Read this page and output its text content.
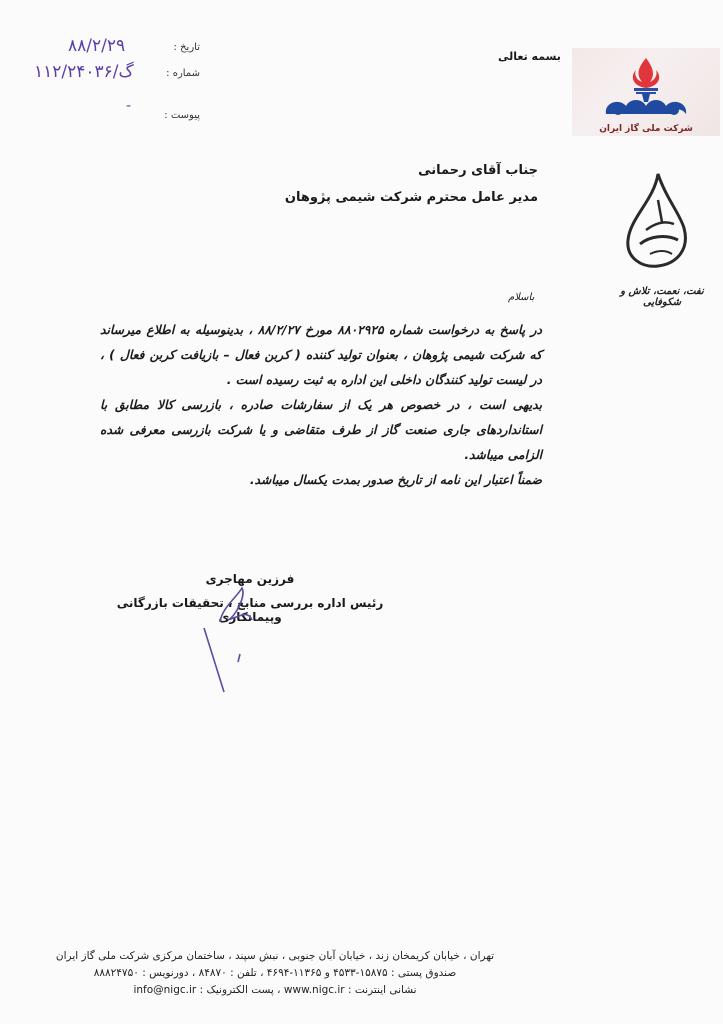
بسمه تعالی
شرکت ملی گاز ایران
تاریخ :
۸۸/۲/۲۹
شماره :
گ/۱۱۲/۲۴۰۳۶
پیوست :
-
جناب آقای رحمانی
مدیر عامل محترم شرکت شیمی پژوهان
نفت، نعمت، تلاش و شکوفایی
باسلام

در پاسخ به درخواست شماره ۸۸۰۲۹۲۵ مورخ ۸۸/۲/۲۷ ، بدینوسیله به اطلاع میرساند که شرکت شیمی پژوهان ، بعنوان تولید کننده ( کربن فعال – بازیافت کربن فعال ) ، در لیست تولید کنندگان داخلی این اداره به ثبت رسیده است .

بدیهی است ، در خصوص هر یک از سفارشات صادره ، بازرسی کالا مطابق با استانداردهای جاری صنعت گاز از طرف متقاضی و یا شرکت بازرسی معرفی شده الزامی میباشد.

ضمناً اعتبار این نامه از تاریخ صدور بمدت یکسال میباشد.

فرزین مهاجری
رئیس اداره بررسی منابع ، تحقیقات بازرگانی وپیمانکاری
تهران ، خیابان کریمخان زند ، خیابان آبان جنوبی ، نبش سپند ، ساختمان مرکزی شرکت ملی گاز ایران
صندوق پستی : ۱۵۸۷۵-۴۵۳۳ و ۱۱۳۶۵-۴۶۹۴ ، تلفن : ۸۴۸۷۰ ، دورنویس : ۸۸۸۲۴۷۵۰
نشانی اینترنت : www.nigc.ir ، پست الکترونیک : info@nigc.ir
